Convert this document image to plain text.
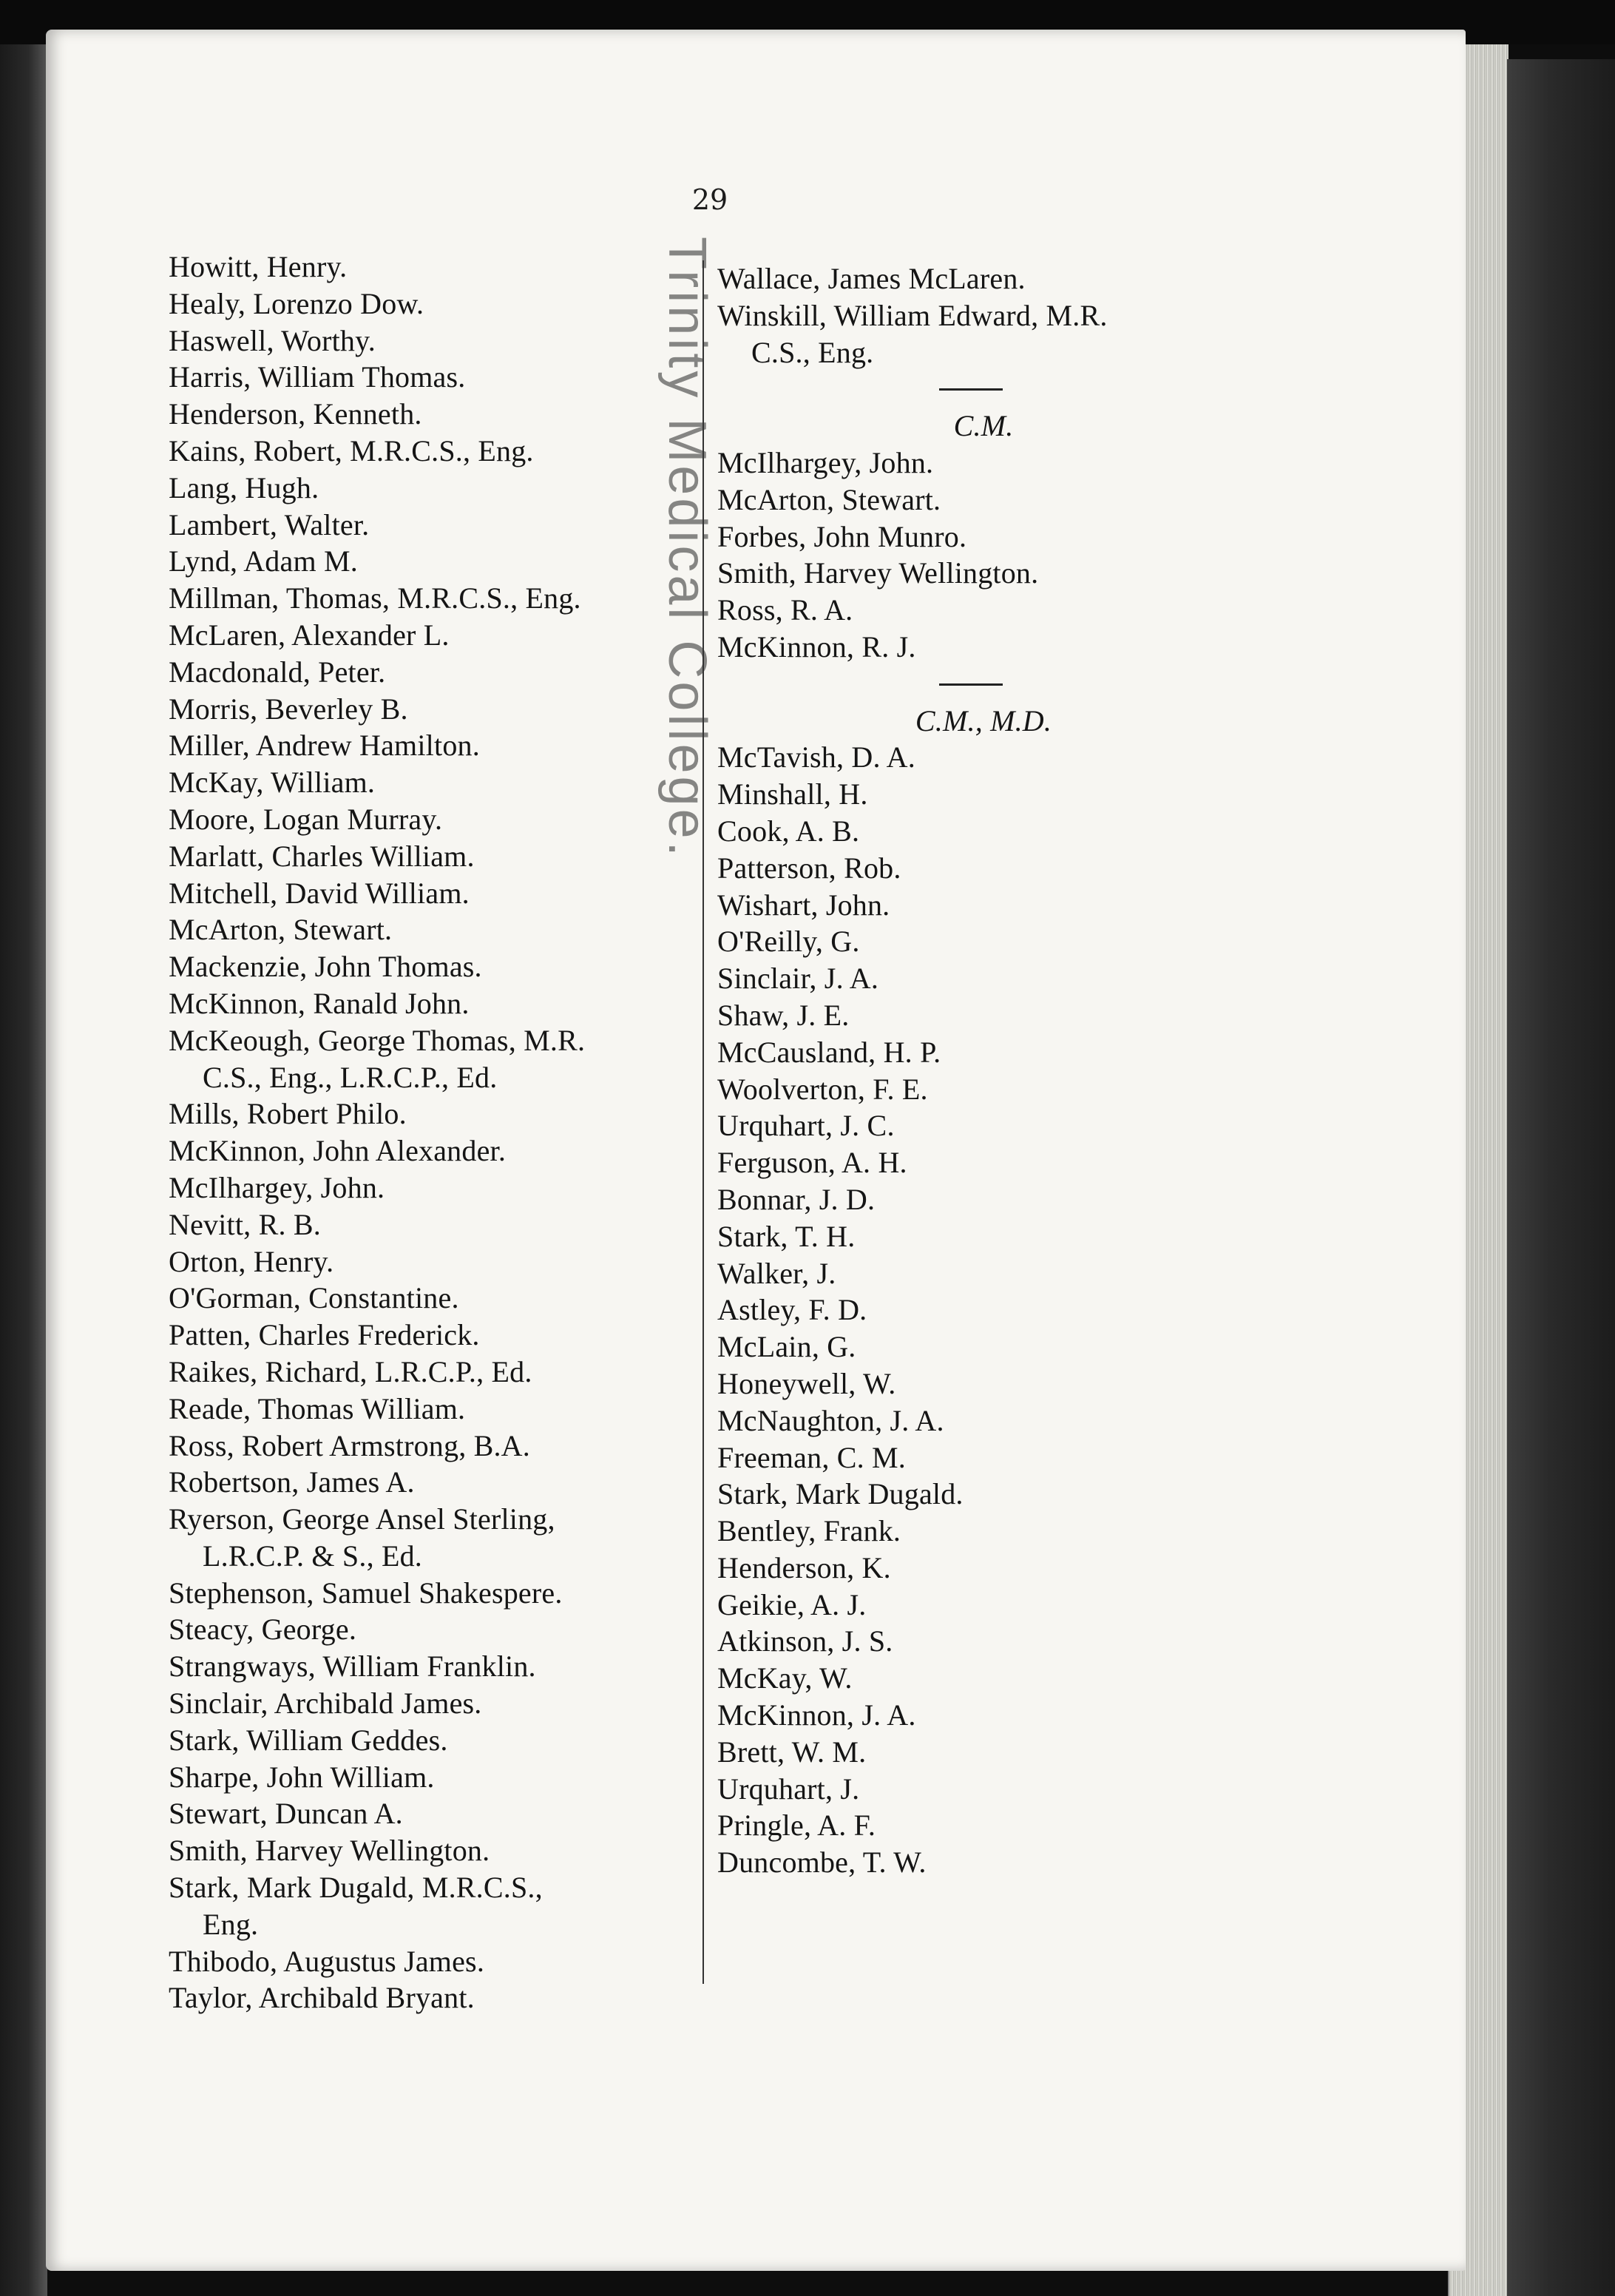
29
Trinity Medical College.
Howitt, Henry.
Healy, Lorenzo Dow.
Haswell, Worthy.
Harris, William Thomas.
Henderson, Kenneth.
Kains, Robert, M.R.C.S., Eng.
Lang, Hugh.
Lambert, Walter.
Lynd, Adam M.
Millman, Thomas, M.R.C.S., Eng.
McLaren, Alexander L.
Macdonald, Peter.
Morris, Beverley B.
Miller, Andrew Hamilton.
McKay, William.
Moore, Logan Murray.
Marlatt, Charles William.
Mitchell, David William.
McArton, Stewart.
Mackenzie, John Thomas.
McKinnon, Ranald John.
McKeough, George Thomas, M.R.
C.S., Eng., L.R.C.P., Ed.
Mills, Robert Philo.
McKinnon, John Alexander.
McIlhargey, John.
Nevitt, R. B.
Orton, Henry.
O'Gorman, Constantine.
Patten, Charles Frederick.
Raikes, Richard, L.R.C.P., Ed.
Reade, Thomas William.
Ross, Robert Armstrong, B.A.
Robertson, James A.
Ryerson, George Ansel Sterling,
L.R.C.P. & S., Ed.
Stephenson, Samuel Shakespere.
Steacy, George.
Strangways, William Franklin.
Sinclair, Archibald James.
Stark, William Geddes.
Sharpe, John William.
Stewart, Duncan A.
Smith, Harvey Wellington.
Stark, Mark Dugald, M.R.C.S.,
Eng.
Thibodo, Augustus James.
Taylor, Archibald Bryant.
Wallace, James McLaren.
Winskill, William Edward, M.R.
C.S., Eng.
C.M.
McIlhargey, John.
McArton, Stewart.
Forbes, John Munro.
Smith, Harvey Wellington.
Ross, R. A.
McKinnon, R. J.
C.M., M.D.
McTavish, D. A.
Minshall, H.
Cook, A. B.
Patterson, Rob.
Wishart, John.
O'Reilly, G.
Sinclair, J. A.
Shaw, J. E.
McCausland, H. P.
Woolverton, F. E.
Urquhart, J. C.
Ferguson, A. H.
Bonnar, J. D.
Stark, T. H.
Walker, J.
Astley, F. D.
McLain, G.
Honeywell, W.
McNaughton, J. A.
Freeman, C. M.
Stark, Mark Dugald.
Bentley, Frank.
Henderson, K.
Geikie, A. J.
Atkinson, J. S.
McKay, W.
McKinnon, J. A.
Brett, W. M.
Urquhart, J.
Pringle, A. F.
Duncombe, T. W.
